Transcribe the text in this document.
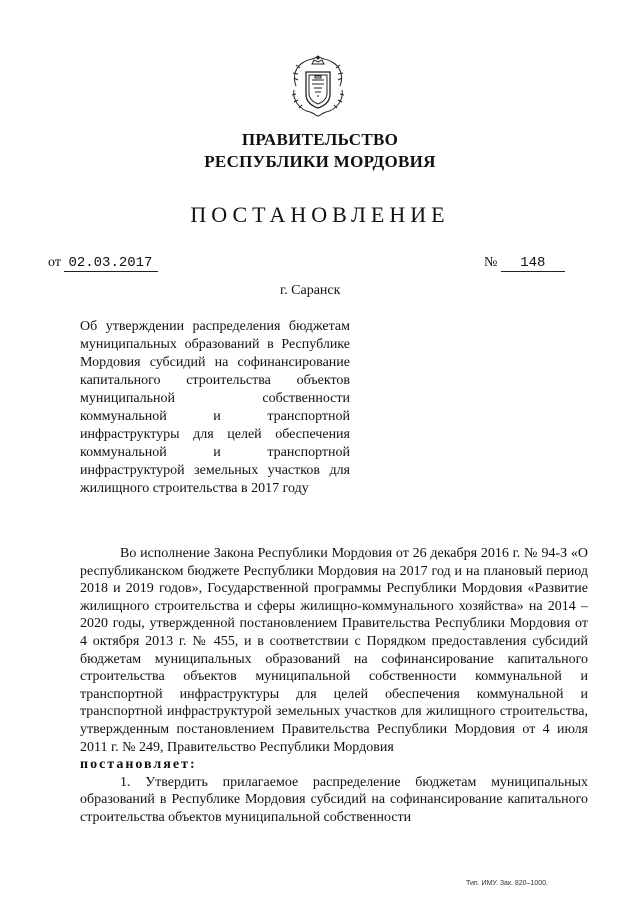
ПРАВИТЕЛЬСТВО
РЕСПУБЛИКИ МОРДОВИЯ
ПОСТАНОВЛЕНИЕ
от 02.03.2017	№ 148
г. Саранск
Об утверждении распределения бюджетам муниципальных образований в Республике Мордовия субсидий на софинансирование капитального строительства объектов муниципальной собственности коммунальной и транспортной инфраструктуры для целей обеспечения коммунальной и транспортной инфраструктурой земельных участков для жилищного строительства в 2017 году

Во исполнение Закона Республики Мордовия от 26 декабря 2016 г. № 94-З «О республиканском бюджете Республики Мордовия на 2017 год и на плановый период 2018 и 2019 годов», Государственной программы Республики Мордовия «Развитие жилищного строительства и сферы жилищно-коммунального хозяйства» на 2014 – 2020 годы, утвержденной постановлением Правительства Республики Мордовия от 4 октября 2013 г. № 455, и в соответствии с Порядком предоставления субсидий бюджетам муниципальных образований на софинансирование капитального строительства объектов муниципальной собственности коммунальной и транспортной инфраструктуры для целей обеспечения коммунальной и транспортной инфраструктурой земельных участков для жилищного строительства, утвержденным постановлением Правительства Республики Мордовия от 4 июля 2011 г. № 249, Правительство Республики Мордовия

постановляет:

1. Утвердить прилагаемое распределение бюджетам муниципальных образований в Республике Мордовия субсидий на софинансирование капитального строительства объектов муниципальной собственности

Тип. ИМУ. Зак. 820–1000.
